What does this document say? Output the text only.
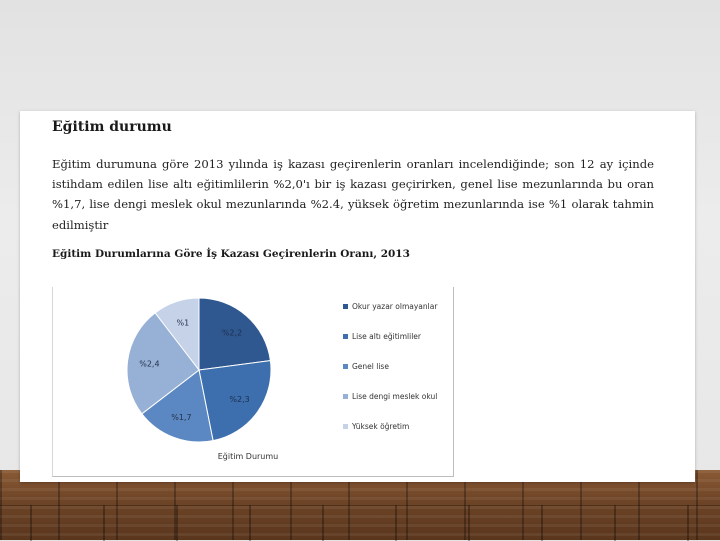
Eğitim durumu
Eğitim durumuna göre 2013 yılında iş kazası geçirenlerin oranları incelendiğinde; son 12 ay içinde istihdam edilen lise altı eğitimlilerin %2,0'ı bir iş kazası geçirirken, genel lise mezunlarında bu oran %1,7, lise dengi meslek okul mezunlarında %2.4, yüksek öğretim mezunlarında ise %1 olarak tahmin edilmiştir
Eğitim Durumlarına Göre İş Kazası Geçirenlerin Oranı, 2013
%2,2
%2,3
%1,7
%2,4
%1
Eğitim Durumu
Okur yazar olmayanlar
Lise altı eğitimliler
Genel lise
Lise dengi meslek okul
Yüksek öğretim
